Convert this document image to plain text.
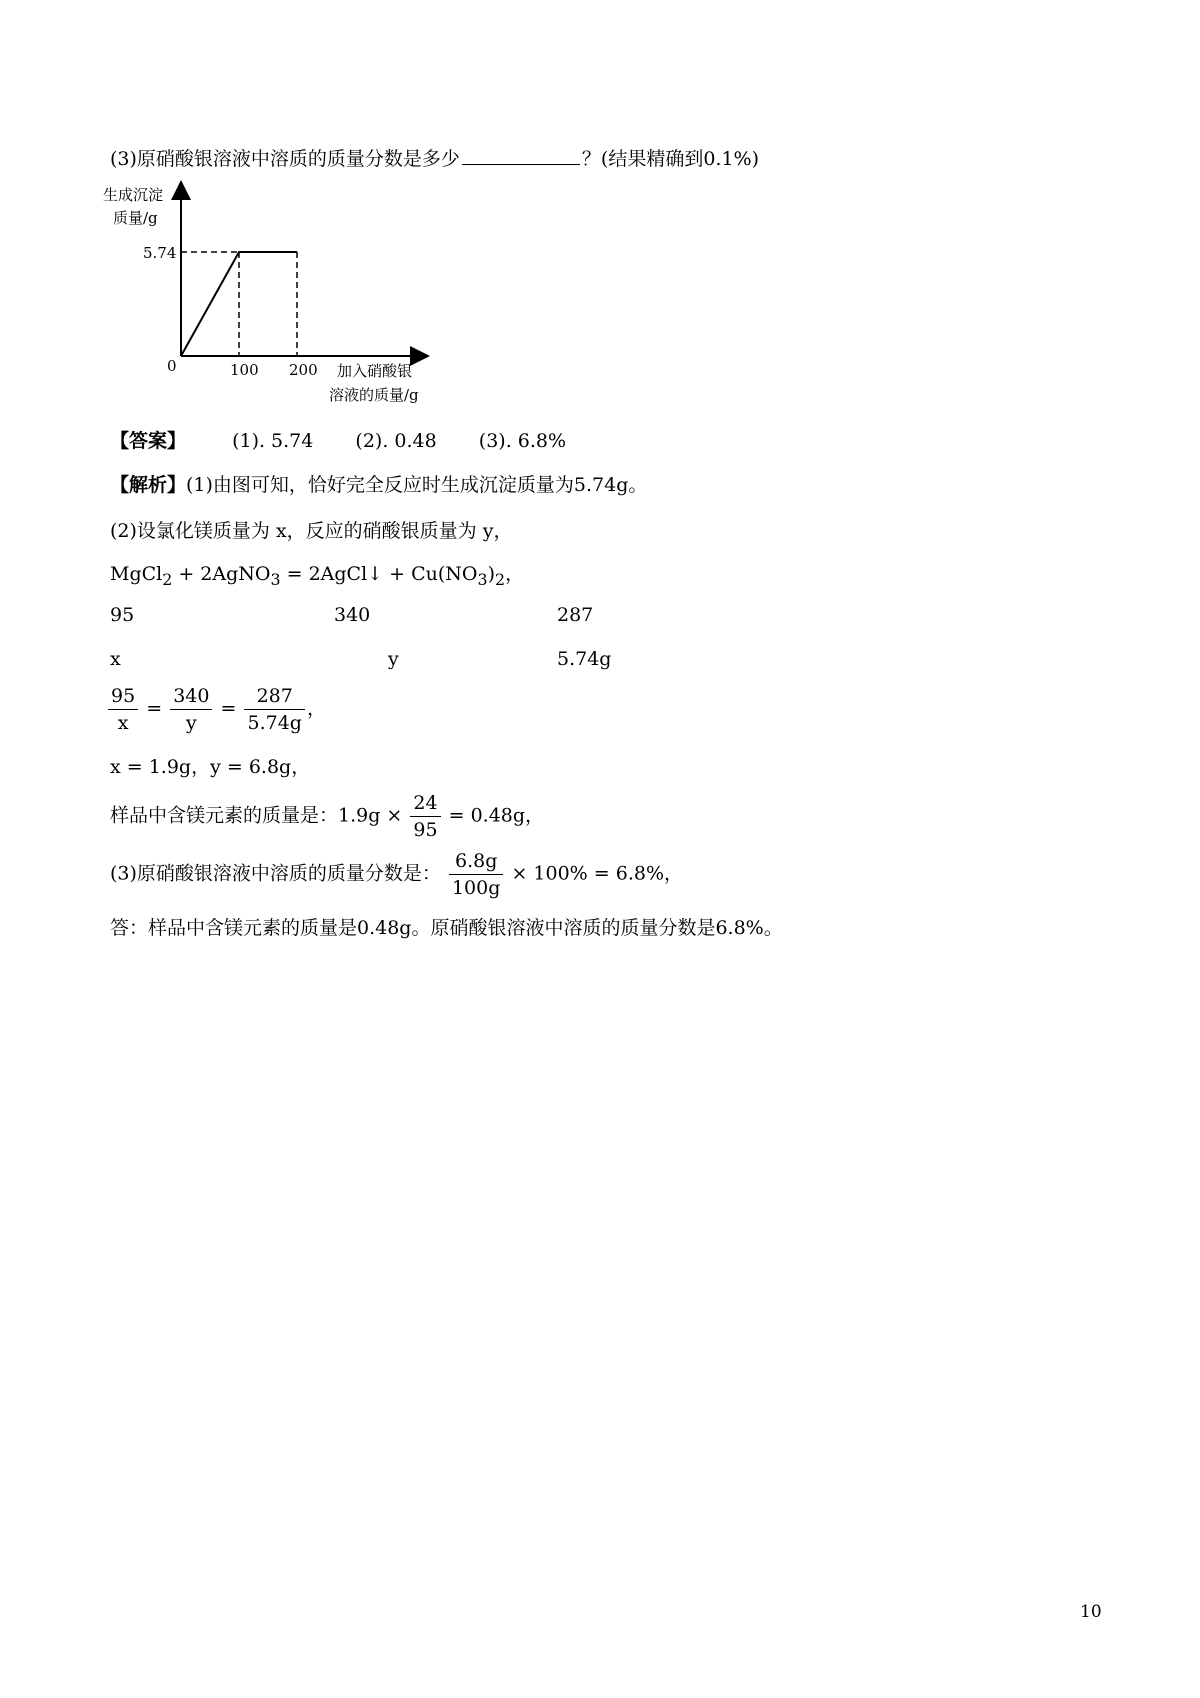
(3)原硝酸银溶液中溶质的质量分数是多少	？(结果精确到0.1%)
生成沉淀
质量/g
5.74
0	100 200 加入硝酸银
溶液的质量/g
【答案】 (1). 5.74 (2). 0.48 (3). 6.8%
【解析】(1)由图可知，恰好完全反应时生成沉淀质量为5.74g。
(2)设氯化镁质量为 x，反应的硝酸银质量为 y，
MgCl$_2$ + 2AgNO$_3$ = 2AgCl↓ + $Cu(NO_3)_2$，
95	340	287
x	y	5.74g
$\frac{95}{x} = \frac{340}{y} = \frac{287}{5.74g}$ ，
x = 1.9g，y = 6.8g，
样品中含镁元素的质量是：$1.9g \times \frac{24}{95} = 0.48g$，
(3)原硝酸银溶液中溶质的质量分数是： $\frac{6.8g}{100g} \times 100\% = 6.8\%$，
答：样品中含镁元素的质量是0.48g。原硝酸银溶液中溶质的质量分数是6.8%。
10
